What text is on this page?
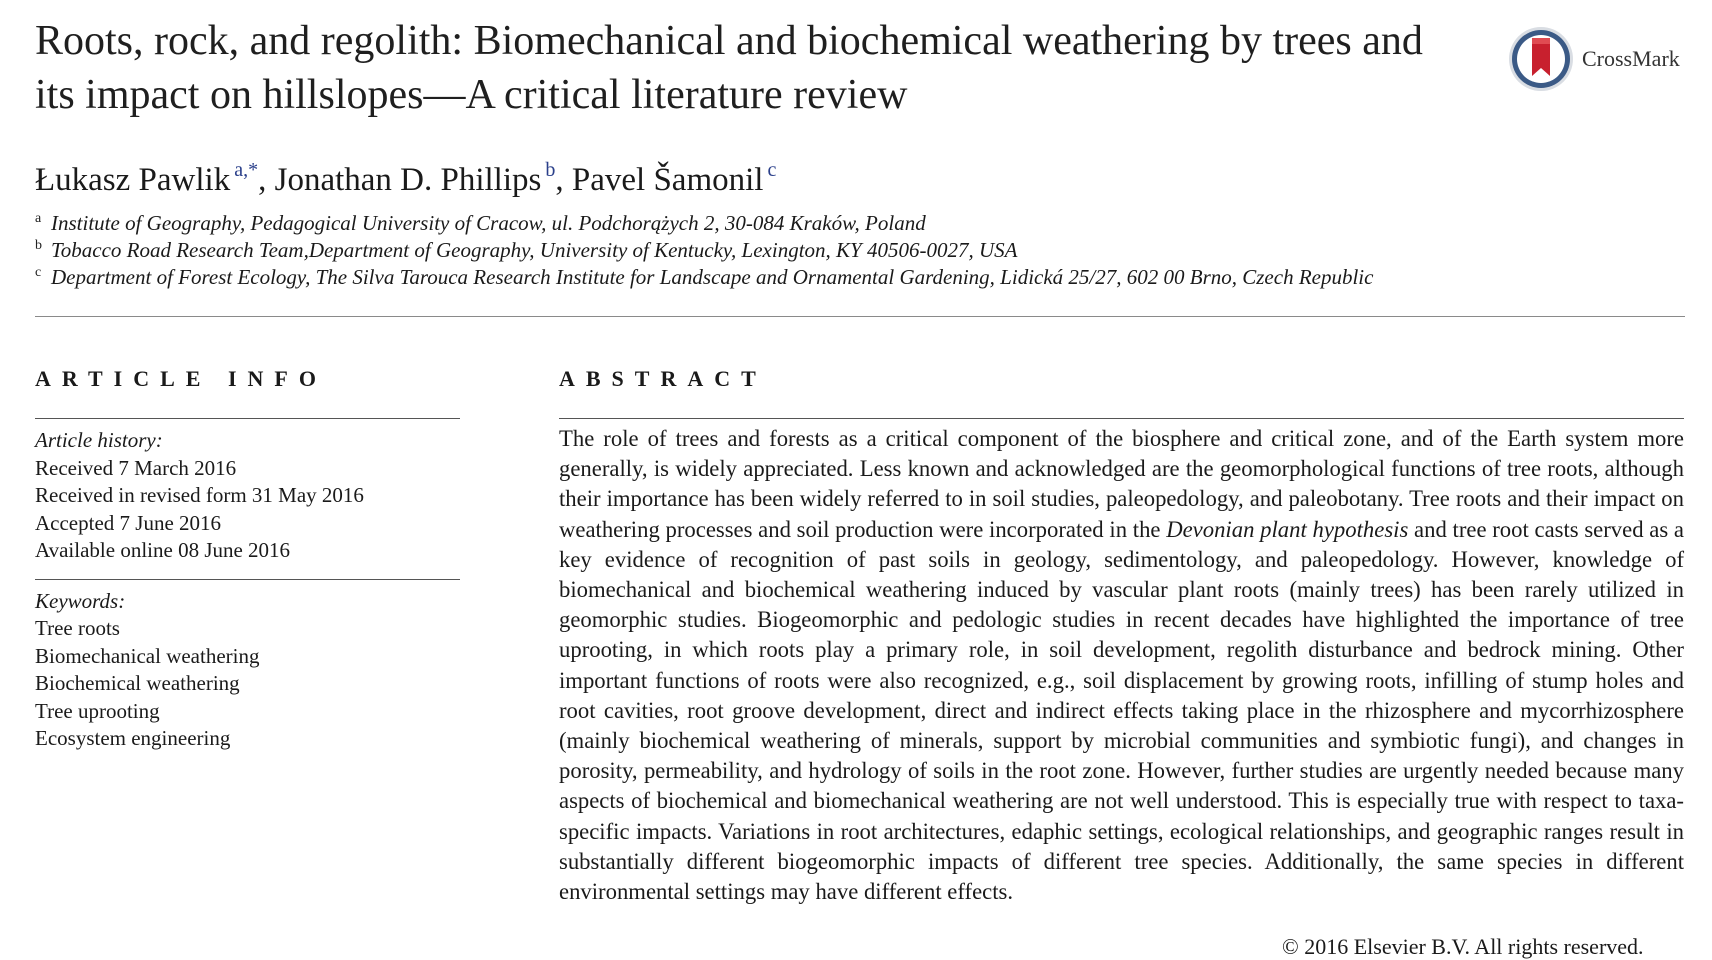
Roots, rock, and regolith: Biomechanical and biochemical weathering by trees and its impact on hillslopes—A critical literature review
CrossMark
Łukasz Pawlik $^{a,*}$, Jonathan D. Phillips $^b$, Pavel Šamonil $^c$
a Institute of Geography, Pedagogical University of Cracow, ul. Podchorążych 2, 30-084 Kraków, Poland
b Tobacco Road Research Team,Department of Geography, University of Kentucky, Lexington, KY 40506-0027, USA
c Department of Forest Ecology, The Silva Tarouca Research Institute for Landscape and Ornamental Gardening, Lidická 25/27, 602 00 Brno, Czech Republic
ARTICLE INFO	ABSTRACT
Article history:
Received 7 March 2016
Received in revised form 31 May 2016
Accepted 7 June 2016
Available online 08 June 2016
Keywords:
Tree roots
Biomechanical weathering
Biochemical weathering
Tree uprooting
Ecosystem engineering

The role of trees and forests as a critical component of the biosphere and critical zone, and of the Earth system more generally, is widely appreciated. Less known and acknowledged are the geomorphological functions of tree roots, although their importance has been widely referred to in soil studies, paleopedology, and paleobotany. Tree roots and their impact on weathering processes and soil production were incorporated in the Devonian plant hypothesis and tree root casts served as a key evidence of recognition of past soils in geology, sedimentology, and paleopedology. However, knowledge of biomechanical and biochemical weathering induced by vascular plant roots (mainly trees) has been rarely utilized in geomorphic studies. Biogeomorphic and pedologic studies in recent decades have highlighted the importance of tree uprooting, in which roots play a primary role, in soil development, regolith disturbance and bedrock mining. Other important functions of roots were also recognized, e.g., soil displacement by growing roots, infilling of stump holes and root cavities, root groove development, direct and indirect effects taking place in the rhizosphere and mycorrhizosphere (mainly biochemical weathering of minerals, support by microbial communities and symbiotic fungi), and changes in porosity, permeability, and hydrology of soils in the root zone. However, further studies are urgently needed because many aspects of biochemical and biomechanical weathering are not well understood. This is especially true with respect to taxa-specific impacts. Variations in root architectures, edaphic settings, ecological relationships, and geographic ranges result in substantially different biogeomorphic impacts of different tree species. Additionally, the same species in different environmental settings may have different effects.

© 2016 Elsevier B.V. All rights reserved.
